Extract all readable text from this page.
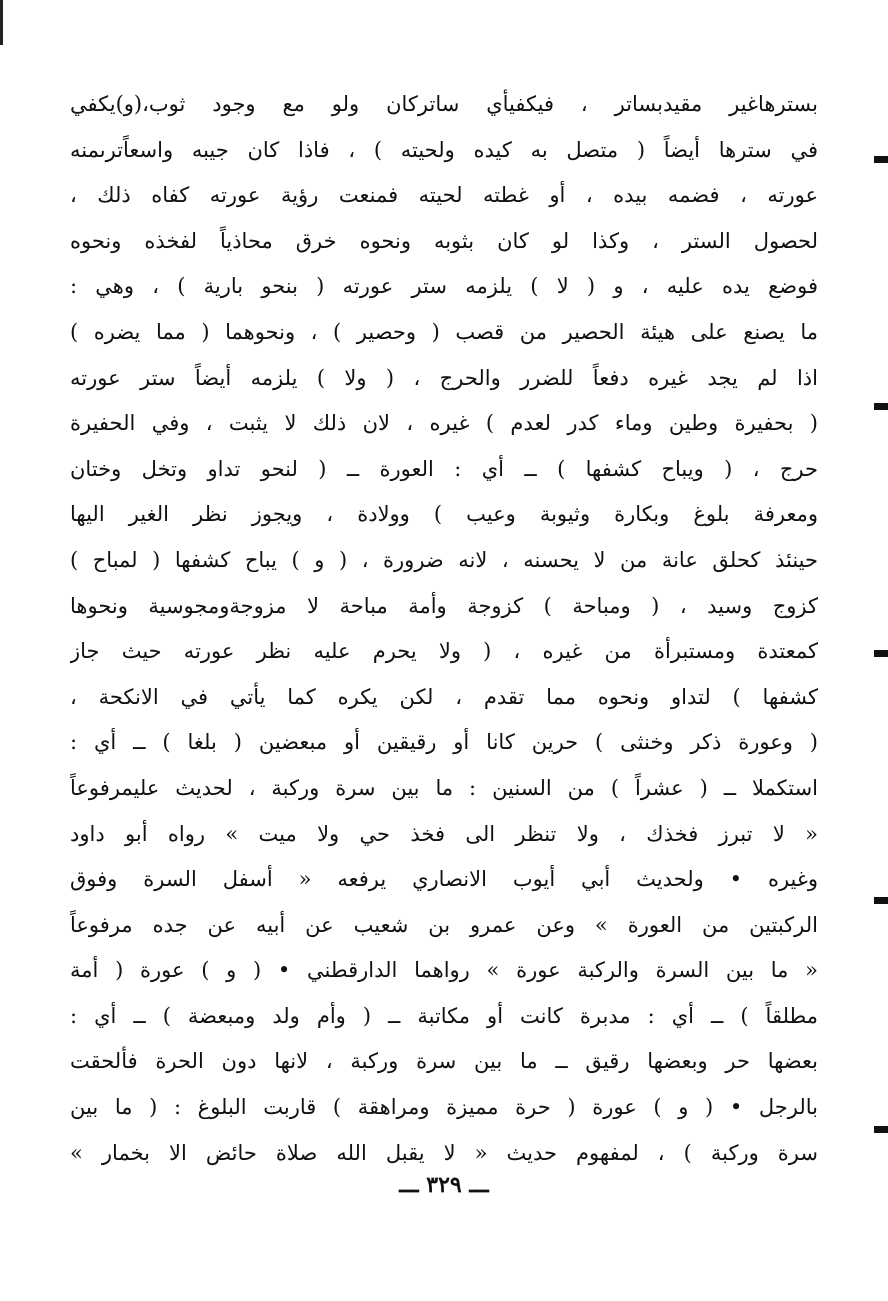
بسترهاغير مقيدبساتر ، فيكفيأي ساتركان ولو مع وجود ثوب،(و)يكفي
في سترها أيضاً ( متصل به كيده ولحيته ) ، فاذا كان جيبه واسعاًترىمنه
عورته ، فضمه بيده ، أو غطته لحيته فمنعت رؤية عورته كفاه ذلك ،
لحصول الستر ، وكذا لو كان بثوبه ونحوه خرق محاذياً لفخذه ونحوه
فوضع يده عليه ، و ( لا ) يلزمه ستر عورته ( بنحو بارية ) ، وهي :
ما يصنع على هيئة الحصير من قصب ( وحصير ) ، ونحوهما ( مما يضره )
اذا لم يجد غيره دفعاً للضرر والحرج ، ( ولا ) يلزمه أيضاً ستر عورته
( بحفيرة وطين وماء كدر لعدم ) غيره ، لان ذلك لا يثبت ، وفي الحفيرة
حرج ، ( ويباح كشفها ) ــ أي : العورة ــ ( لنحو تداو وتخل وختان
ومعرفة بلوغ وبكارة وثيوبة وعيب ) وولادة ، ويجوز نظر الغير اليها
حينئذ كحلق عانة من لا يحسنه ، لانه ضرورة ، ( و ) يباح كشفها ( لمباح )
كزوج وسيد ، ( ومباحة ) كزوجة وأمة مباحة لا مزوجةومجوسية ونحوها
كمعتدة ومستبرأة من غيره ، ( ولا يحرم عليه نظر عورته حيث جاز
كشفها ) لتداو ونحوه مما تقدم ، لكن يكره كما يأتي في الانكحة ،
( وعورة ذكر وخنثى ) حرين كانا أو رقيقين أو مبعضين ( بلغا ) ــ أي :
استكملا ــ ( عشراً ) من السنين : ما بين سرة وركبة ، لحديث عليمرفوعاً
« لا تبرز فخذك ، ولا تنظر الى فخذ حي ولا ميت » رواه أبو داود
وغيره • ولحديث أبي أيوب الانصاري يرفعه « أسفل السرة وفوق
الركبتين من العورة » وعن عمرو بن شعيب عن أبيه عن جده مرفوعاً
« ما بين السرة والركبة عورة » رواهما الدارقطني • ( و ) عورة ( أمة
مطلقاً ) ــ أي : مدبرة كانت أو مكاتبة ــ ( وأم ولد ومبعضة ) ــ أي :
بعضها حر وبعضها رقيق ــ ما بين سرة وركبة ، لانها دون الحرة فألحقت
بالرجل • ( و ) عورة ( حرة مميزة ومراهقة ) قاربت البلوغ : ( ما بين
سرة وركبة ) ، لمفهوم حديث « لا يقبل الله صلاة حائض الا بخمار »
ـــ ٣٢٩ ـــ
